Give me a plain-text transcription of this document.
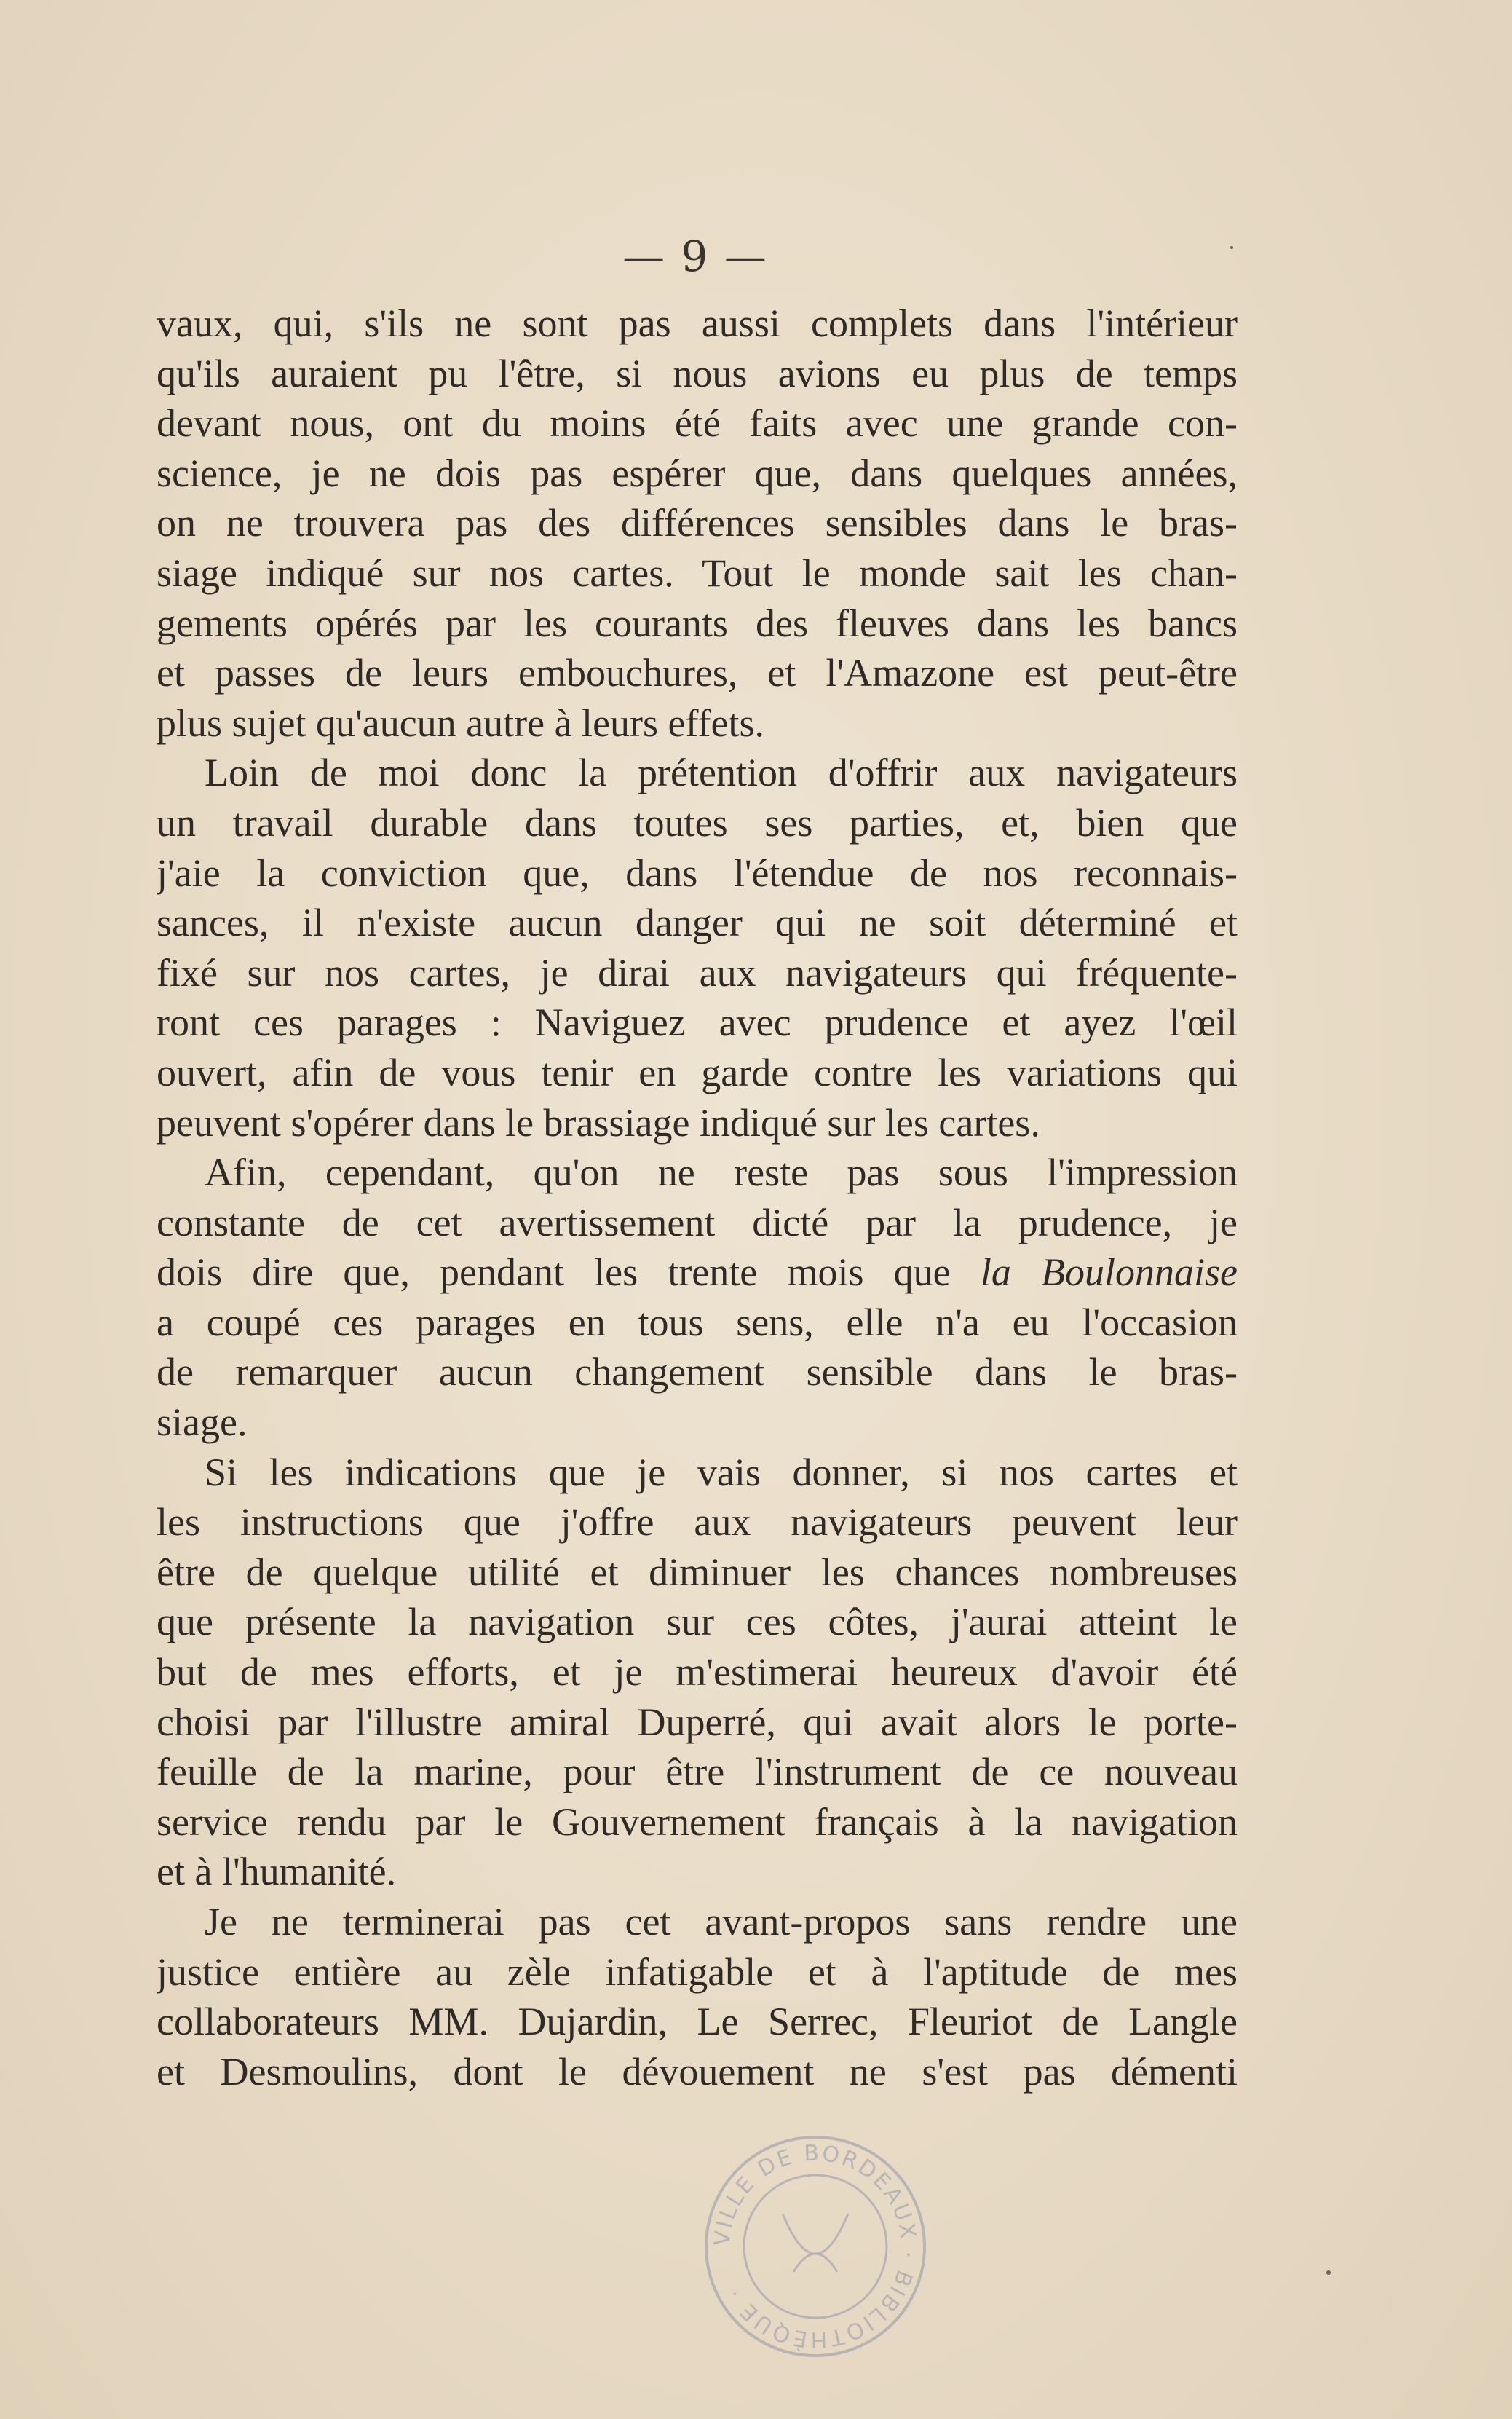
— 9 —
vaux, qui, s'ils ne sont pas aussi complets dans l'intérieur
qu'ils auraient pu l'être, si nous avions eu plus de temps
devant nous, ont du moins été faits avec une grande con-
science, je ne dois pas espérer que, dans quelques années,
on ne trouvera pas des différences sensibles dans le bras-
siage indiqué sur nos cartes. Tout le monde sait les chan-
gements opérés par les courants des fleuves dans les bancs
et passes de leurs embouchures, et l'Amazone est peut-être
plus sujet qu'aucun autre à leurs effets.
Loin de moi donc la prétention d'offrir aux navigateurs
un travail durable dans toutes ses parties, et, bien que
j'aie la conviction que, dans l'étendue de nos reconnais-
sances, il n'existe aucun danger qui ne soit déterminé et
fixé sur nos cartes, je dirai aux navigateurs qui fréquente-
ront ces parages : Naviguez avec prudence et ayez l'œil
ouvert, afin de vous tenir en garde contre les variations qui
peuvent s'opérer dans le brassiage indiqué sur les cartes.
Afin, cependant, qu'on ne reste pas sous l'impression
constante de cet avertissement dicté par la prudence, je
dois dire que, pendant les trente mois que la Boulonnaise
a coupé ces parages en tous sens, elle n'a eu l'occasion
de remarquer aucun changement sensible dans le bras-
siage.
Si les indications que je vais donner, si nos cartes et
les instructions que j'offre aux navigateurs peuvent leur
être de quelque utilité et diminuer les chances nombreuses
que présente la navigation sur ces côtes, j'aurai atteint le
but de mes efforts, et je m'estimerai heureux d'avoir été
choisi par l'illustre amiral Duperré, qui avait alors le porte-
feuille de la marine, pour être l'instrument de ce nouveau
service rendu par le Gouvernement français à la navigation
et à l'humanité.
Je ne terminerai pas cet avant-propos sans rendre une
justice entière au zèle infatigable et à l'aptitude de mes
collaborateurs MM. Dujardin, Le Serrec, Fleuriot de Langle
et Desmoulins, dont le dévouement ne s'est pas démenti
VILLE DE BORDEAUX · BIBLIOTHÈQUE ·
